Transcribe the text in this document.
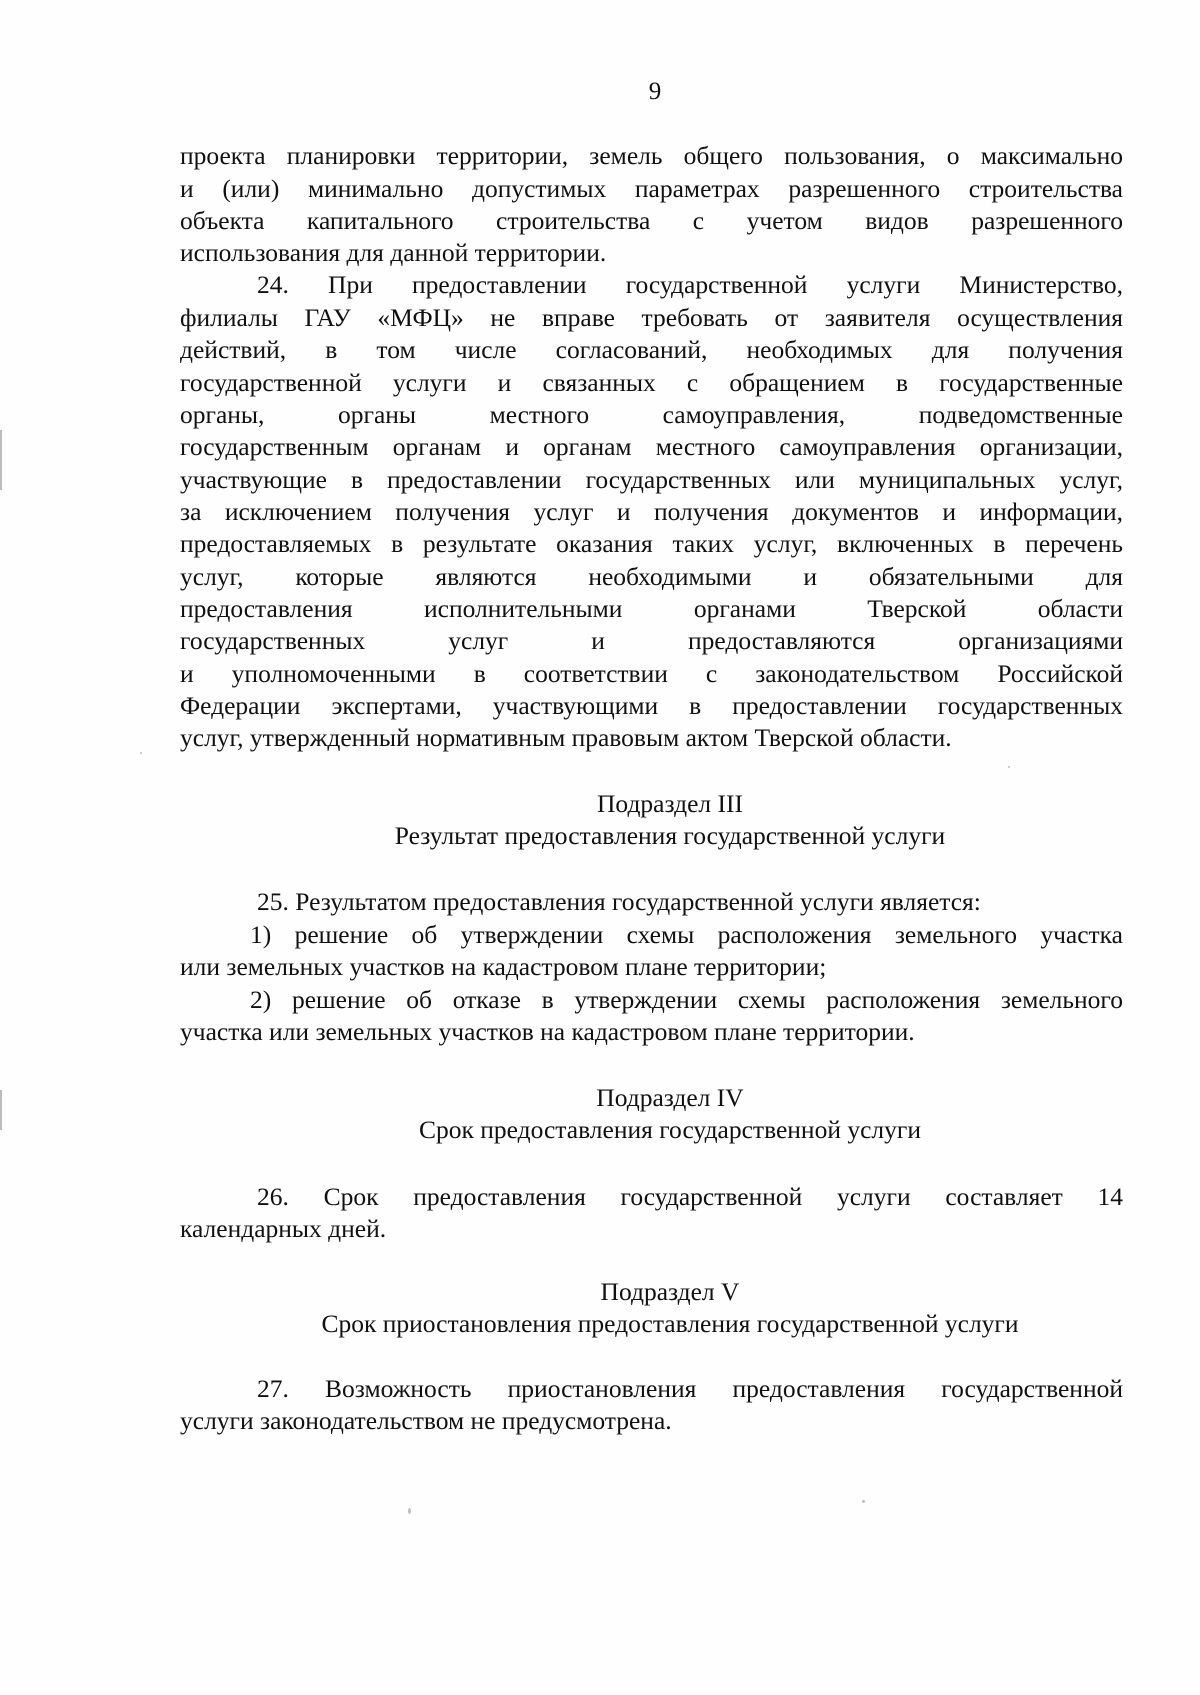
9
проекта планировки территории, земель общего пользования, о максимально
и (или) минимально допустимых параметрах разрешенного строительства
объекта капитального строительства с учетом видов разрешенного
использования для данной территории.
24. При предоставлении государственной услуги Министерство,
филиалы ГАУ «МФЦ» не вправе требовать от заявителя осуществления
действий, в том числе согласований, необходимых для получения
государственной услуги и связанных с обращением в государственные
органы, органы местного самоуправления, подведомственные
государственным органам и органам местного самоуправления организации,
участвующие в предоставлении государственных или муниципальных услуг,
за исключением получения услуг и получения документов и информации,
предоставляемых в результате оказания таких услуг, включенных в перечень
услуг, которые являются необходимыми и обязательными для
предоставления исполнительными органами Тверской области
государственных услуг и предоставляются организациями
и уполномоченными в соответствии с законодательством Российской
Федерации экспертами, участвующими в предоставлении государственных
услуг, утвержденный нормативным правовым актом Тверской области.
Подраздел III
Результат предоставления государственной услуги
25. Результатом предоставления государственной услуги является:
1) решение об утверждении схемы расположения земельного участка
или земельных участков на кадастровом плане территории;
2) решение об отказе в утверждении схемы расположения земельного
участка или земельных участков на кадастровом плане территории.
Подраздел IV
Срок предоставления государственной услуги
26. Срок предоставления государственной услуги составляет 14
календарных дней.
Подраздел V
Срок приостановления предоставления государственной услуги
27. Возможность приостановления предоставления государственной
услуги законодательством не предусмотрена.
